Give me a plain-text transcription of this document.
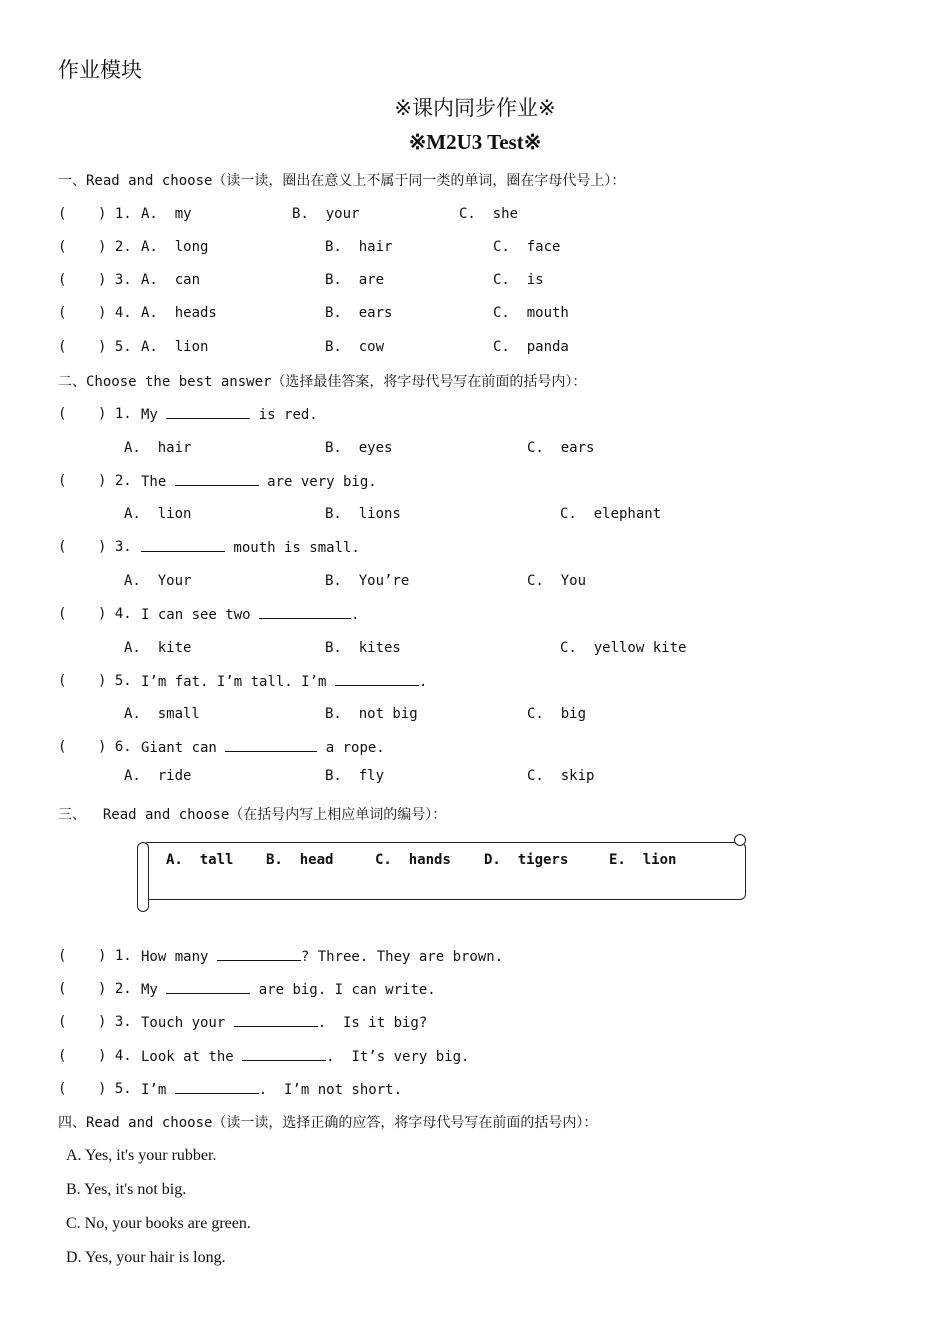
作业模块
※课内同步作业※
※M2U3 Test※
一、Read and choose（读一读，圈出在意义上不属于同一类的单词，圈在字母代号上）：
( ) 1. A.  my	B.  your	C.  she
( ) 2. A.  long	B.  hair	C.  face
( ) 3. A.  can	B.  are	C.  is
( ) 4. A.  heads	B.  ears	C.  mouth
( ) 5. A.  lion	B.  cow	C.  panda
二、Choose the best answer（选择最佳答案，将字母代号写在前面的括号内）：
( ) 1. My	is red.
A.  hair	B.  eyes	C.  ears
( ) 2. The	are very big.
A.  lion	B.  lions	C.  elephant
( ) 3.	mouth is small.
A.  Your	B.  You’re	C.  You
( ) 4. I can see two	.
A.  kite	B.  kites	C.  yellow kite
( ) 5. I’m fat. I’m tall. I’m	.
A.  small	B.  not big	C.  big
( ) 6. Giant can	a rope.
A.  ride	B.  fly	C.  skip
三、  Read and choose（在括号内写上相应单词的编号）：
A.  tall B.  head	C.  hands D.  tigers	E.  lion
( ) 1. How many	? Three. They are brown.
( ) 2. My	are big. I can write.
( ) 3. Touch your	.  Is it big?
( ) 4. Look at the	.  It’s very big.
( ) 5. I’m	.  I’m not short.
四、Read and choose（读一读，选择正确的应答，将字母代号写在前面的括号内）：
A. Yes, it's your rubber.
B. Yes, it's not big.
C. No, your books are green.
D. Yes, your hair is long.
